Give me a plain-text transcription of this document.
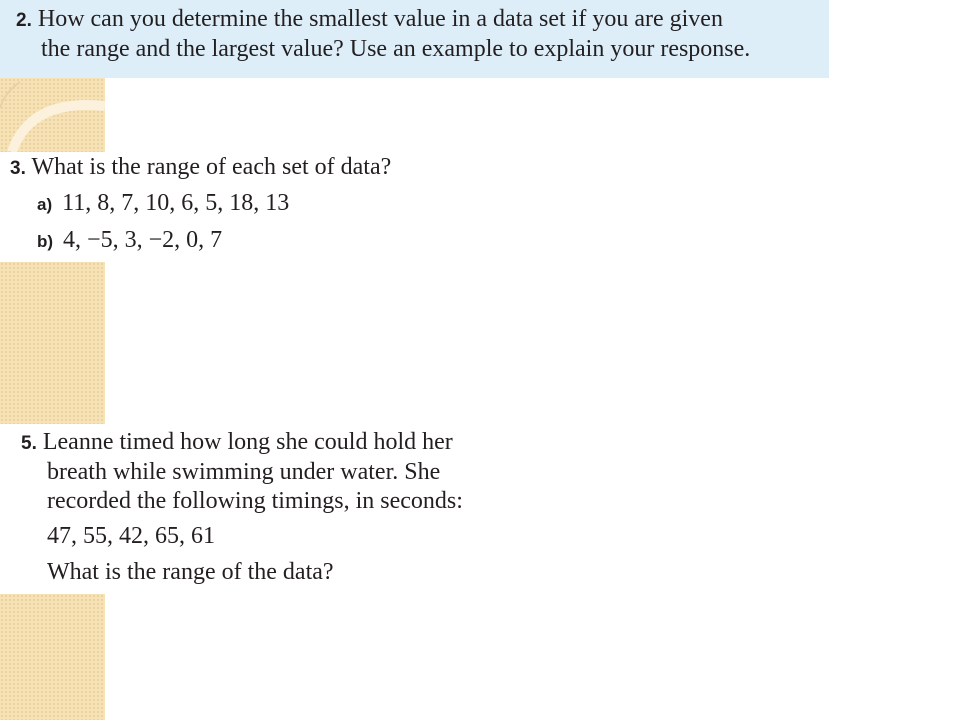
2. How can you determine the smallest value in a data set if you are given
the range and the largest value? Use an example to explain your response.
3. What is the range of each set of data?
a) 11, 8, 7, 10, 6, 5, 18, 13
b) 4, −5, 3, −2, 0, 7
5. Leanne timed how long she could hold her
breath while swimming under water. She
recorded the following timings, in seconds:
47, 55, 42, 65, 61
What is the range of the data?
